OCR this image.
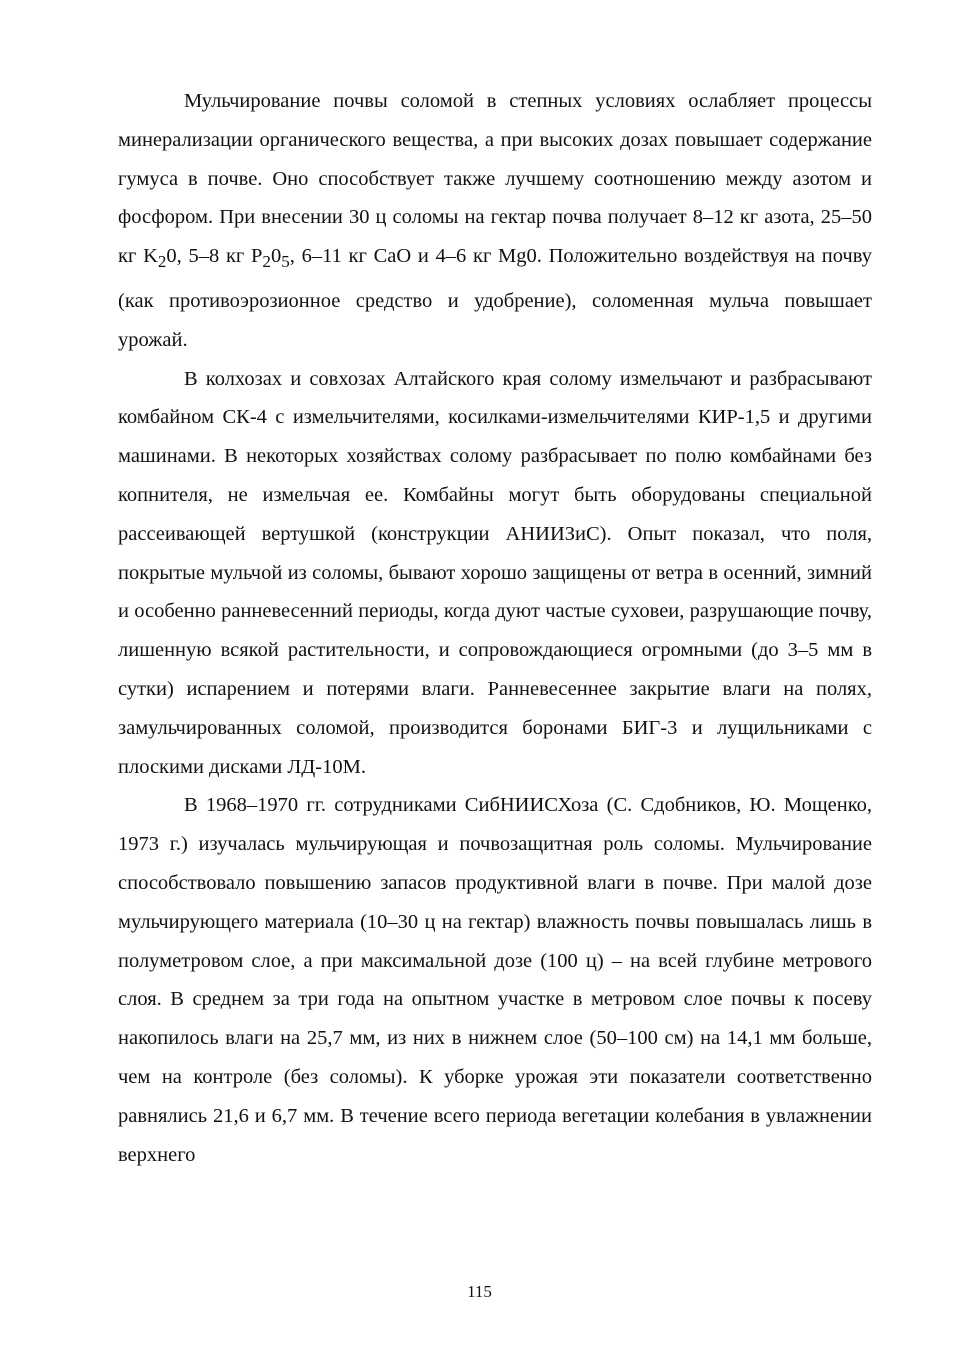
Мульчирование почвы соломой в степных условиях ослабляет процессы минерализации органического вещества, а при высоких дозах повышает содержание гумуса в почве. Оно способствует также лучшему соотношению между азотом и фосфором. При внесении 30 ц соломы на гектар почва получает 8–12 кг азота, 25–50 кг $K_20$, 5–8 кг $P_20_5$, 6–11 кг CaO и 4–6 кг Mg0. Положительно воздействуя на почву (как противоэрозионное средство и удобрение), соломенная мульча повышает урожай.

В колхозах и совхозах Алтайского края солому измельчают и разбрасывают комбайном СК-4 с измельчителями, косилками-измельчителями КИР-1,5 и другими машинами. В некоторых хозяйствах солому разбрасывает по полю комбайнами без копнителя, не измельчая ее. Комбайны могут быть оборудованы специальной рассеивающей вертушкой (конструкции АНИИЗиС). Опыт показал, что поля, покрытые мульчой из соломы, бывают хорошо защищены от ветра в осенний, зимний и особенно ранневесенний периоды, когда дуют частые суховеи, разрушающие почву, лишенную всякой растительности, и сопровождающиеся огромными (до 3–5 мм в сутки) испарением и потерями влаги. Ранневесеннее закрытие влаги на полях, замульчированных соломой, производится боронами БИГ-3 и лущильниками с плоскими дисками ЛД-10М.

В 1968–1970 гг. сотрудниками СибНИИСХоза (С. Сдобников, Ю. Мощенко, 1973 г.) изучалась мульчирующая и почвозащитная роль соломы. Мульчирование способствовало повышению запасов продуктивной влаги в почве. При малой дозе мульчирующего материала (10–30 ц на гектар) влажность почвы повышалась лишь в полуметровом слое, а при максимальной дозе (100 ц) – на всей глубине метрового слоя. В среднем за три года на опытном участке в метровом слое почвы к посеву накопилось влаги на 25,7 мм, из них в нижнем слое (50–100 см) на 14,1 мм больше, чем на контроле (без соломы). К уборке урожая эти показатели соответственно равнялись 21,6 и 6,7 мм. В течение всего периода вегетации колебания в увлажнении верхнего

115
